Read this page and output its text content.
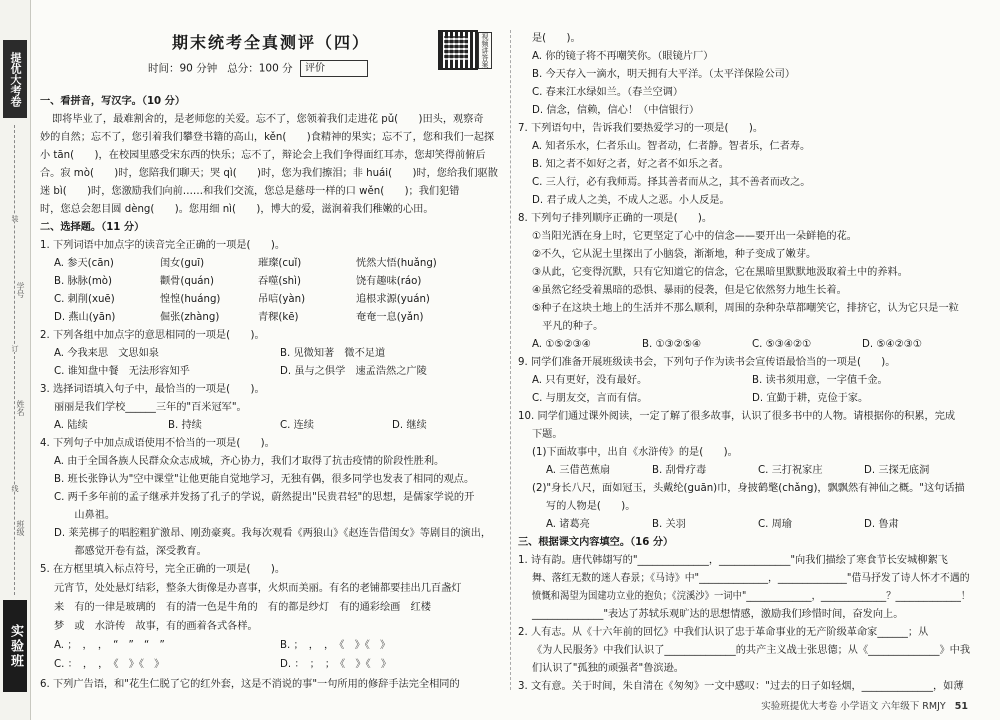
提优大考卷
装
订
线
学号
姓名
班级
实验班
期末统考全真测评（四）
时间：90 分钟 总分：100 分 评价
视频讲答案
一、看拼音，写汉字。（10 分）
即将毕业了，最难割舍的，是老师您的关爱。忘不了，您领着我们走进花 pǔ(　　)田头，观察奇
妙的自然；忘不了，您引着我们攀登书籍的高山，kěn(　　)食精神的果实；忘不了，您和我们一起探
小 tān(　　)，在校园里感受宋东西的快乐；忘不了，辩论会上我们争得面红耳赤，您却笑得前俯后
合。寂 mò(　　)时，您陪我们聊天；哭 qì(　　)时，您为我们擦泪；非 huái(　　)时，您给我们驱散
迷 bì(　　)时，您激励我们向前……和我们交流，您总是慈母一样的口 wěn(　　)；我们犯错
时，您总会恕目圆 dèng(　　)。您用细 nì(　　)，博大的爱，滋润着我们稚嫩的心田。
二、选择题。（11 分）
1. 下列词语中加点字的读音完全正确的一项是(　　)。
A. 参天(cān)	闺女(guī)	璀璨(cuǐ)	恍然大悟(huǎng)
B. 脉脉(mò)	颧骨(quán)	吞噬(shì)	饶有趣味(ráo)
C. 刺削(xuē)	惶惶(huáng)	吊唁(yàn)	追根求源(yuán)
D. 燕山(yān)	倔张(zhàng)	青稞(kē)	奄奄一息(yǎn)
2. 下列各组中加点字的意思相同的一项是(　　)。
A. 今我来思　文思如泉	B. 见微知著　微不足道
C. 谁知盘中餐　无法形容知乎	D. 虽与之俱学　速孟浩然之广陵
3. 选择词语填入句子中，最恰当的一项是(　　)。
丽丽是我们学校______三年的"百米冠军"。
A. 陆续	B. 持续	C. 连续	D. 继续
4. 下列句子中加点成语使用不恰当的一项是(　　)。
A. 由于全国各族人民群众众志成城，齐心协力，我们才取得了抗击疫情的阶段性胜利。
B. 班长张铮认为"空中课堂"让他更能自觉地学习，无独有偶，很多同学也发表了相同的观点。
C. 两千多年前的孟子继承并发扬了孔子的学说，蔚然提出"民贵君轻"的思想，是儒家学说的开
　　山鼻祖。
D. 莱芜梆子的唱腔粗犷激昂、刚劲豪爽。我每次观看《两狼山》《赵连告借闺女》等剧目的演出，
　　都感觉开卷有益，深受教育。
5. 在方框里填入标点符号，完全正确的一项是(　　)。
元宵节，处处悬灯结彩，整条大街像是办喜事，火炽而美丽。有名的老铺都要挂出几百盏灯
来　有的一律是玻璃的　有的清一色是牛角的　有的都是纱灯　有的通彩绘画　红楼
梦　或　水浒传　故事，有的画着各式各样。
A. ；　，　，　“　”　“　”	B. ；　，　，　《　》《　》
C. ：　，　，　《　》《　》	D. ：　；　；　《　》《　》
6. 下列广告语，和"花生仁脱了它的红外套，这是不消说的事"一句所用的修辞手法完全相同的
是(　　)。
A. 你的镜子将不再嘲笑你。（眼镜片厂）
B. 今天存入一滴水，明天拥有大平洋。（太平洋保险公司）
C. 春来江水绿如兰。（春兰空调）
D. 信念，信赖，信心！（中信银行）
7. 下列语句中，告诉我们要热爱学习的一项是(　　)。
A. 知者乐水，仁者乐山。智者动，仁者静。智者乐，仁者寿。
B. 知之者不如好之者，好之者不如乐之者。
C. 三人行，必有我师焉。择其善者而从之，其不善者而改之。
D. 君子成人之美，不成人之恶。小人反是。
8. 下列句子排列顺序正确的一项是(　　)。
①当阳光洒在身上时，它更坚定了心中的信念——要开出一朵鲜艳的花。
②不久，它从泥土里探出了小脑袋，渐渐地，种子变成了嫩芽。
③从此，它变得沉默，只有它知道它的信念，它在黑暗里默默地汲取着土中的养料。
④虽然它经受着黑暗的恐惧、暴雨的侵袭，但是它依然努力地生长着。
⑤种子在这块土地上的生活并不那么顺利，周围的杂种杂草都嘲笑它，排挤它，认为它只是一粒
　平凡的种子。
A. ①⑤②③④	B. ①③②⑤④	C. ⑤③④②①	D. ⑤④②③①
9. 同学们准备开展班级读书会，下列句子作为读书会宣传语最恰当的一项是(　　)。
A. 只有更好，没有最好。	B. 读书须用意，一字值千金。
C. 与朋友交，言而有信。	D. 宜勤于耕，克俭于家。
10. 同学们通过课外阅读，一定了解了很多故事，认识了很多书中的人物。请根据你的积累，完成
下题。
(1)下面故事中，出自《水浒传》的是(　　)。
A. 三借芭蕉扇	B. 刮骨疗毒	C. 三打祝家庄	D. 三探无底洞
(2)"身长八尺，面如冠玉，头戴纶(guān)巾，身披鹤氅(chǎng)，飘飘然有神仙之概。"这句话描
写的人物是(　　)。
A. 诸葛亮	B. 关羽	C. 周瑜	D. 鲁肃
三、根据课文内容填空。（16 分）
1. 诗有韵。唐代韩翃写的"______________，______________"向我们描绘了寒食节长安城柳絮飞
舞、落红无数的迷人春景；《马诗》中"______________，______________"借马抒发了诗人怀才不遇的
愤慨和渴望为国建功立业的抱负；《浣溪沙》一词中"______________，______________？______________！
______________"表达了苏轼乐观旷达的思想情感，激励我们珍惜时间，奋发向上。
2. 人有志。从《十六年前的回忆》中我们认识了忠于革命事业的无产阶级革命家______；从
《为人民服务》中我们认识了______________的共产主义战士张思德；从《______________》中我
们认识了"孤独的顽强者"鲁滨逊。
3. 文有意。关于时间，朱自清在《匆匆》一文中感叹："过去的日子如轻烟，______________，如薄
实验班提优大考卷 小学语文 六年级下 RMJY 51
